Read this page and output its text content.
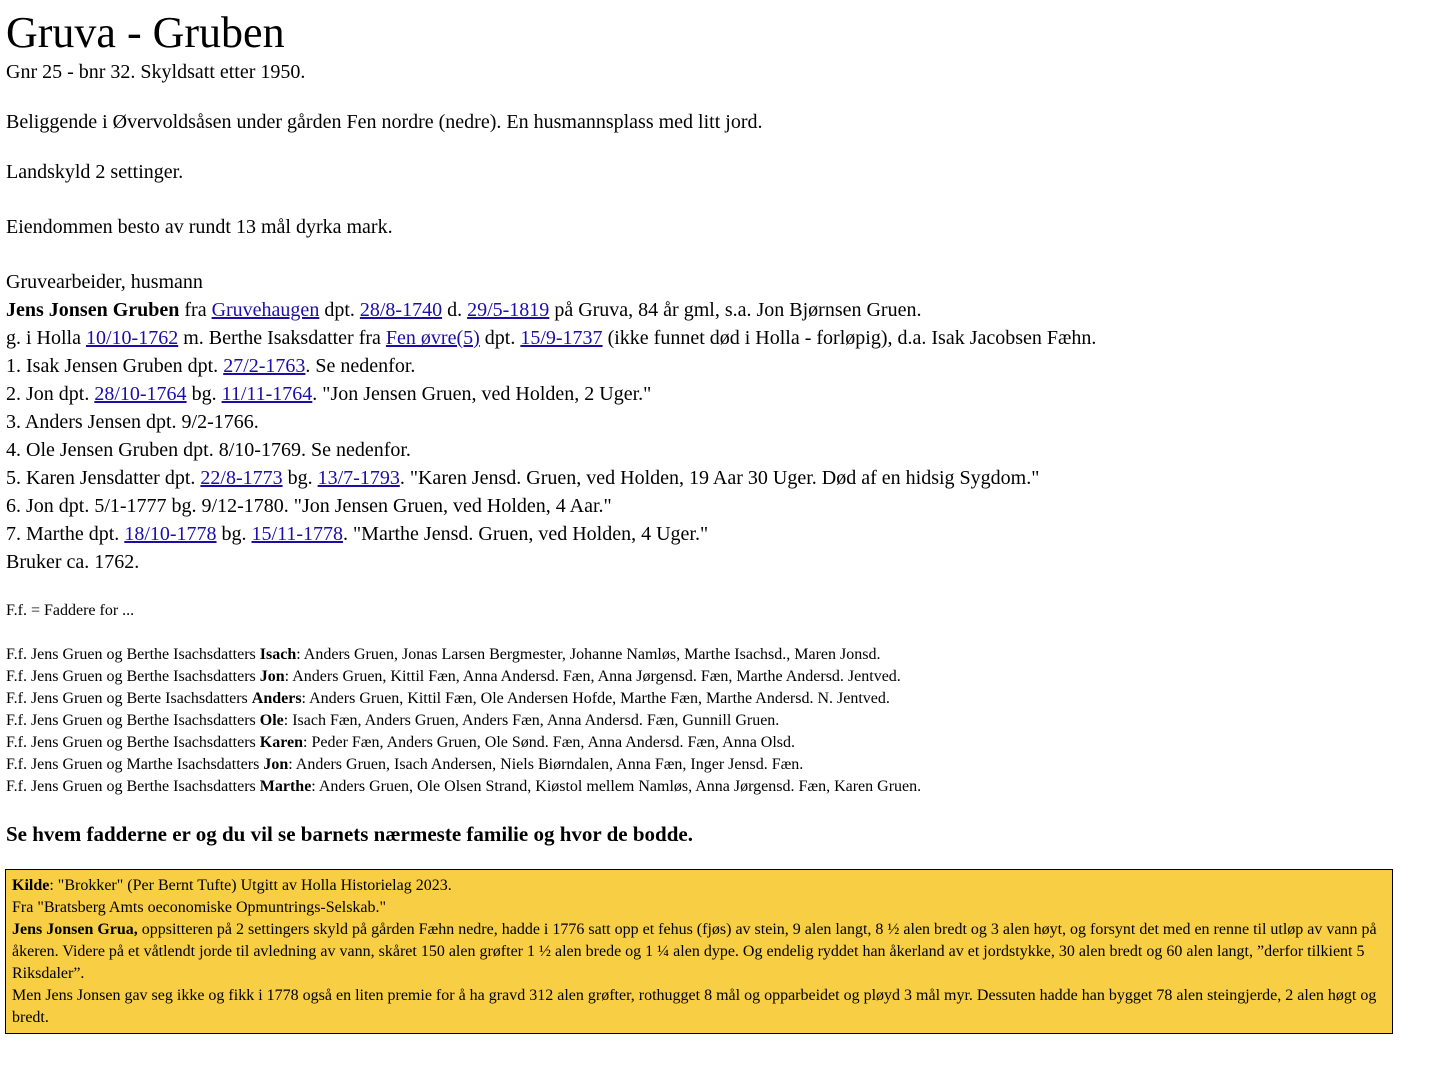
Gruva - Gruben

Gnr 25 - bnr 32. Skyldsatt etter 1950.

Beliggende i Øvervoldsåsen under gården Fen nordre (nedre). En husmannsplass med litt jord.

Landskyld 2 settinger.

Eiendommen besto av rundt 13 mål dyrka mark.

Gruvearbeider, husmann

Jens Jonsen Gruben fra Gruvehaugen dpt. 28/8-1740 d. 29/5-1819 på Gruva, 84 år gml, s.a. Jon Bjørnsen Gruen.

g. i Holla 10/10-1762 m. Berthe Isaksdatter fra Fen øvre(5) dpt. 15/9-1737 (ikke funnet død i Holla - forløpig), d.a. Isak Jacobsen Fæhn.

1. Isak Jensen Gruben dpt. 27/2-1763. Se nedenfor.

2. Jon dpt. 28/10-1764 bg. 11/11-1764. "Jon Jensen Gruen, ved Holden, 2 Uger."

3. Anders Jensen dpt. 9/2-1766.

4. Ole Jensen Gruben dpt. 8/10-1769. Se nedenfor.

5. Karen Jensdatter dpt. 22/8-1773 bg. 13/7-1793. "Karen Jensd. Gruen, ved Holden, 19 Aar 30 Uger. Død af en hidsig Sygdom."

6. Jon dpt. 5/1-1777 bg. 9/12-1780. "Jon Jensen Gruen, ved Holden, 4 Aar."

7. Marthe dpt. 18/10-1778 bg. 15/11-1778. "Marthe Jensd. Gruen, ved Holden, 4 Uger."

Bruker ca. 1762.

F.f. = Faddere for ...

F.f. Jens Gruen og Berthe Isachsdatters Isach: Anders Gruen, Jonas Larsen Bergmester, Johanne Namløs, Marthe Isachsd., Maren Jonsd.

F.f. Jens Gruen og Berthe Isachsdatters Jon: Anders Gruen, Kittil Fæn, Anna Andersd. Fæn, Anna Jørgensd. Fæn, Marthe Andersd. Jentved.

F.f. Jens Gruen og Berte Isachsdatters Anders: Anders Gruen, Kittil Fæn, Ole Andersen Hofde, Marthe Fæn, Marthe Andersd. N. Jentved.

F.f. Jens Gruen og Berthe Isachsdatters Ole: Isach Fæn, Anders Gruen, Anders Fæn, Anna Andersd. Fæn, Gunnill Gruen.

F.f. Jens Gruen og Berthe Isachsdatters Karen: Peder Fæn, Anders Gruen, Ole Sønd. Fæn, Anna Andersd. Fæn, Anna Olsd.

F.f. Jens Gruen og Marthe Isachsdatters Jon: Anders Gruen, Isach Andersen, Niels Biørndalen, Anna Fæn, Inger Jensd. Fæn.

F.f. Jens Gruen og Berthe Isachsdatters Marthe: Anders Gruen, Ole Olsen Strand, Kiøstol mellem Namløs, Anna Jørgensd. Fæn, Karen Gruen.

Se hvem fadderne er og du vil se barnets nærmeste familie og hvor de bodde.

Kilde: "Brokker" (Per Bernt Tufte) Utgitt av Holla Historielag 2023.

Fra "Bratsberg Amts oeconomiske Opmuntrings-Selskab."

Jens Jonsen Grua, oppsitteren på 2 settingers skyld på gården Fæhn nedre, hadde i 1776 satt opp et fehus (fjøs) av stein, 9 alen langt, 8 ½ alen bredt og 3 alen høyt, og forsynt det med en renne til utløp av vann på åkeren. Videre på et våtlendt jorde til avledning av vann, skåret 150 alen grøfter 1 ½ alen brede og 1 ¼ alen dype. Og endelig ryddet han åkerland av et jordstykke, 30 alen bredt og 60 alen langt, ”derfor tilkient 5 Riksdaler”.

Men Jens Jonsen gav seg ikke og fikk i 1778 også en liten premie for å ha gravd 312 alen grøfter, rothugget 8 mål og opparbeidet og pløyd 3 mål myr. Dessuten hadde han bygget 78 alen steingjerde, 2 alen høgt og bredt.
